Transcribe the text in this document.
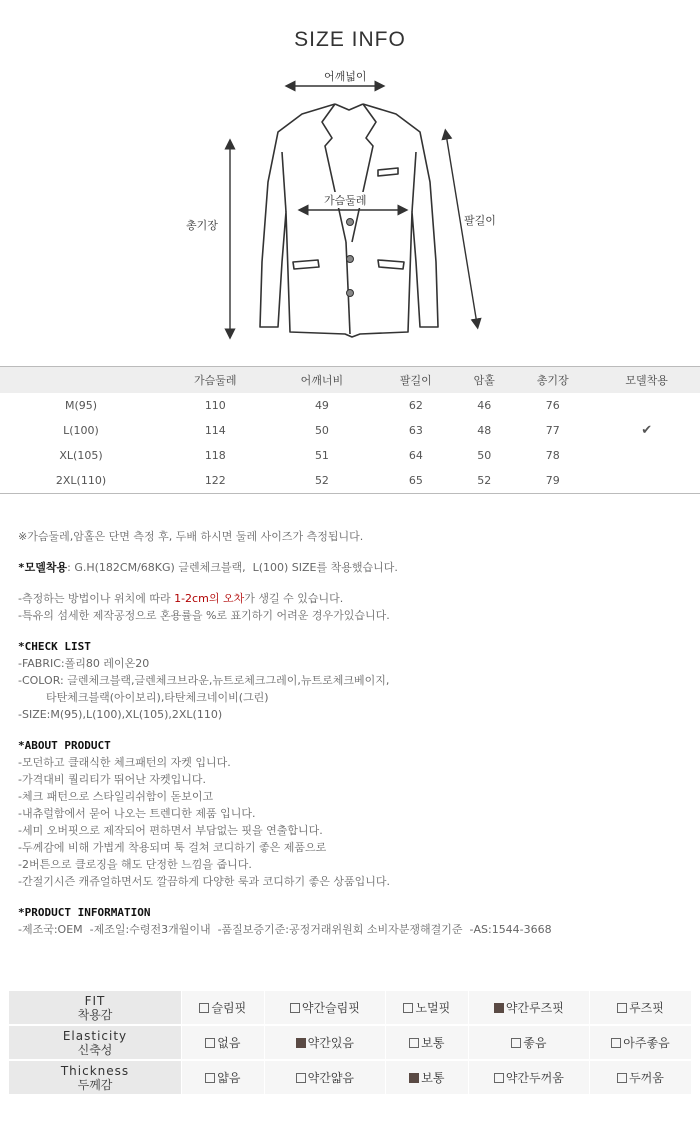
SIZE INFO
어깨넓이
가슴둘레
총기장	팔길이
	가슴둘레	어깨너비	팔길이	암홀	총기장	모델착용
M(95)	110	49	62	46	76	
L(100)	114	50	63	48	77	✔
XL(105)	118	51	64	50	78	
2XL(110)	122	52	65	52	79	

※가슴둘레,암홀은 단면 측정 후, 두배 하시면 둘레 사이즈가 측정됩니다.

*모델착용: G.H(182CM/68KG) 글렌체크블랙,  L(100) SIZE를 착용했습니다.

-측정하는 방법이나 위치에 따라 1-2cm의 오차가 생길 수 있습니다.

-특유의 섬세한 제작공정으로 혼용률을 %로 표기하기 어려운 경우가있습니다.

*CHECK LIST

-FABRIC:폴리80 레이온20

-COLOR: 글렌체크블랙,글렌체크브라운,뉴트로체크그레이,뉴트로체크베이지,

타탄체크블랙(아이보리),타탄체크네이비(그린)

-SIZE:M(95),L(100),XL(105),2XL(110)

*ABOUT PRODUCT

-모던하고 클래식한 체크패턴의 자켓 입니다.

-가격대비 퀄리티가 뛰어난 자켓입니다.

-체크 패턴으로 스타일리쉬함이 돋보이고

-내츄럴함에서 묻어 나오는 트렌디한 제품 입니다.

-세미 오버핏으로 제작되어 편하면서 부담없는 핏을 연출합니다.

-두께감에 비해 가볍게 착용되며 툭 걸쳐 코디하기 좋은 제품으로

-2버튼으로 클로징을 해도 단정한 느낌을 줍니다.

-간절기시즌 캐쥬얼하면서도 깔끔하게 다양한 룩과 코디하기 좋은 상품입니다.

*PRODUCT INFORMATION

-제조국:OEM  -제조일:수령전3개월이내  -품질보증기준:공정거래위원회 소비자분쟁해결기준  -AS:1544-3668

FIT
착용감	슬림핏	약간슬림핏	노멀핏	약간루즈핏	루즈핏
Elasticity
신축성	없음	약간있음	보통	좋음	아주좋음
Thickness
두께감	얇음	약간얇음	보통	약간두꺼움	두꺼움
